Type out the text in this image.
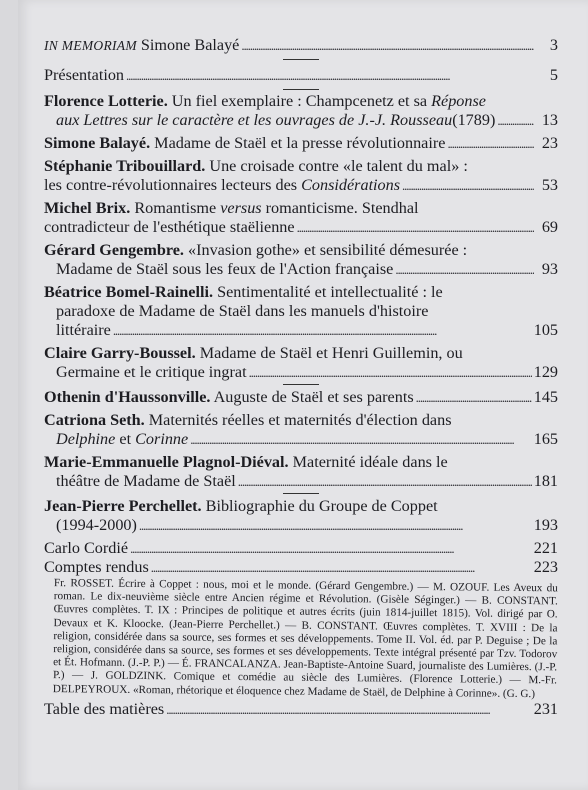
IN MEMORIAM Simone Balayé . . .	3
Présentation . . .	5
Florence Lotterie. Un fiel exemplaire : Champcenetz et sa Réponse
aux Lettres sur le caractère et les ouvrages de J.-J. Rousseau (1789) . . .	13
Simone Balayé. Madame de Staël et la presse révolutionnaire . . .	23
Stéphanie Tribouillard. Une croisade contre «le talent du mal» :
les contre-révolutionnaires lecteurs des Considérations . . .	53
Michel Brix. Romantisme versus romanticisme. Stendhal
contradicteur de l'esthétique staëlienne . . .	69
Gérard Gengembre. «Invasion gothe» et sensibilité démesurée :
Madame de Staël sous les feux de l'Action française . . .	93
Béatrice Bomel-Rainelli. Sentimentalité et intellectualité : le
paradoxe de Madame de Staël dans les manuels d'histoire
littéraire . . .	105
Claire Garry-Boussel. Madame de Staël et Henri Guillemin, ou
Germaine et le critique ingrat . . .	129
Othenin d'Haussonville. Auguste de Staël et ses parents . . .	145
Catriona Seth. Maternités réelles et maternités d'élection dans
Delphine et Corinne . . .	165
Marie-Emmanuelle Plagnol-Diéval. Maternité idéale dans le
théâtre de Madame de Staël . . .	181
Jean-Pierre Perchellet. Bibliographie du Groupe de Coppet
(1994-2000) . . .	193
Carlo Cordié . . .	221
Comptes rendus . . .	223

Fr. ROSSET. Écrire à Coppet : nous, moi et le monde. (Gérard Gengembre.) — M. OZOUF. Les Aveux du roman. Le dix-neuvième siècle entre Ancien régime et Révolution. (Gisèle Séginger.) — B. CONSTANT. Œuvres complètes. T. IX : Principes de politique et autres écrits (juin 1814-juillet 1815). Vol. dirigé par O. Devaux et K. Kloocke. (Jean-Pierre Perchellet.) — B. CONSTANT. Œuvres complètes. T. XVIII : De la religion, considérée dans sa source, ses formes et ses développements. Tome II. Vol. éd. par P. Deguise ; De la religion, considérée dans sa source, ses formes et ses développements. Texte intégral présenté par Tzv. Todorov et Ét. Hofmann. (J.-P. P.) — É. FRANCALANZA. Jean-Baptiste-Antoine Suard, journaliste des Lumières. (J.-P. P.) — J. GOLDZINK. Comique et comédie au siècle des Lumières. (Florence Lotterie.) — M.-Fr. DELPEYROUX. «Roman, rhétorique et éloquence chez Madame de Staël, de Delphine à Corinne». (G. G.)

Table des matières . . .	231
